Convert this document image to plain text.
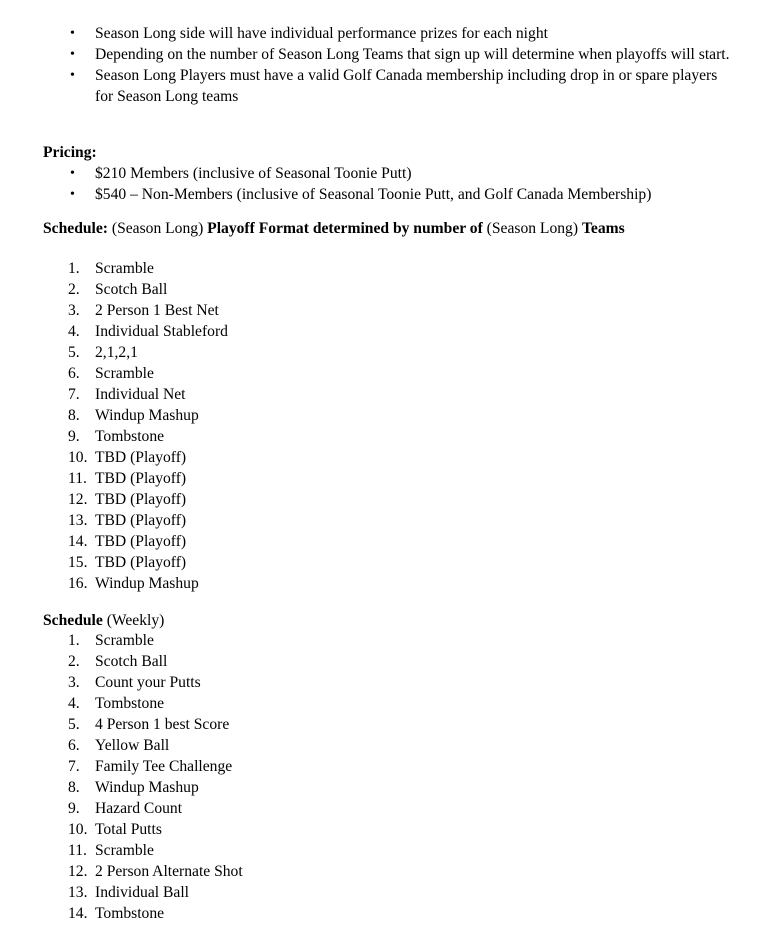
• Season Long side will have individual performance prizes for each night
• Depending on the number of Season Long Teams that sign up will determine when playoffs will start.
• Season Long Players must have a valid Golf Canada membership including drop in or spare players for Season Long teams
Pricing:
• $210 Members (inclusive of Seasonal Toonie Putt)
• $540 – Non-Members (inclusive of Seasonal Toonie Putt, and Golf Canada Membership)
Schedule: (Season Long) Playoff Format determined by number of (Season Long) Teams
1. Scramble
2. Scotch Ball
3. 2 Person 1 Best Net
4. Individual Stableford
5. 2,1,2,1
6. Scramble
7. Individual Net
8. Windup Mashup
9. Tombstone
10. TBD (Playoff)
11. TBD (Playoff)
12. TBD (Playoff)
13. TBD (Playoff)
14. TBD (Playoff)
15. TBD (Playoff)
16. Windup Mashup
Schedule (Weekly)
1. Scramble
2. Scotch Ball
3. Count your Putts
4. Tombstone
5. 4 Person 1 best Score
6. Yellow Ball
7. Family Tee Challenge
8. Windup Mashup
9. Hazard Count
10. Total Putts
11. Scramble
12. 2 Person Alternate Shot
13. Individual Ball
14. Tombstone
